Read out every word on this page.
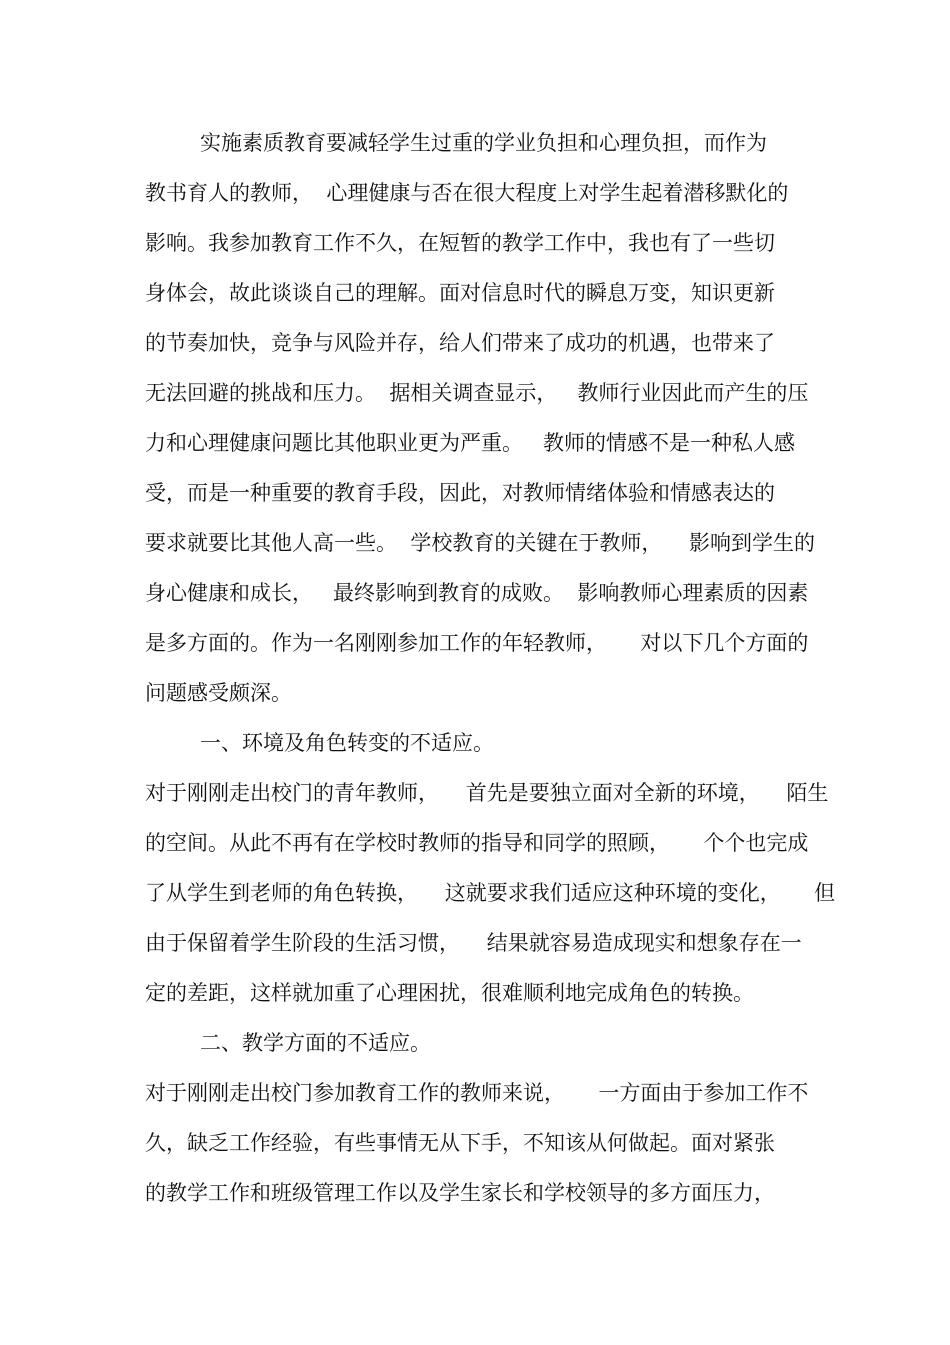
实施素质教育要减轻学生过重的学业负担和心理负担，而作为
教书育人的教师，  心理健康与否在很大程度上对学生起着潜移默化的
影响。我参加教育工作不久，在短暂的教学工作中，我也有了一些切
身体会，故此谈谈自己的理解。面对信息时代的瞬息万变，知识更新
的节奏加快，竞争与风险并存，给人们带来了成功的机遇，也带来了
无法回避的挑战和压力。  据相关调查显示，   教师行业因此而产生的压
力和心理健康问题比其他职业更为严重。   教师的情感不是一种私人感
受，而是一种重要的教育手段，因此，对教师情绪体验和情感表达的
要求就要比其他人高一些。  学校教育的关键在于教师，    影响到学生的
身心健康和成长，   最终影响到教育的成败。  影响教师心理素质的因素
是多方面的。作为一名刚刚参加工作的年轻教师，     对以下几个方面的
问题感受颇深。
一、环境及角色转变的不适应。
对于刚刚走出校门的青年教师，    首先是要独立面对全新的环境，    陌生
的空间。从此不再有在学校时教师的指导和同学的照顾，     个个也完成
了从学生到老师的角色转换，    这就要求我们适应这种环境的变化，     但
由于保留着学生阶段的生活习惯，    结果就容易造成现实和想象存在一
定的差距，这样就加重了心理困扰，很难顺利地完成角色的转换。
二、教学方面的不适应。
对于刚刚走出校门参加教育工作的教师来说，     一方面由于参加工作不
久，缺乏工作经验，有些事情无从下手，不知该从何做起。面对紧张
的教学工作和班级管理工作以及学生家长和学校领导的多方面压力，
